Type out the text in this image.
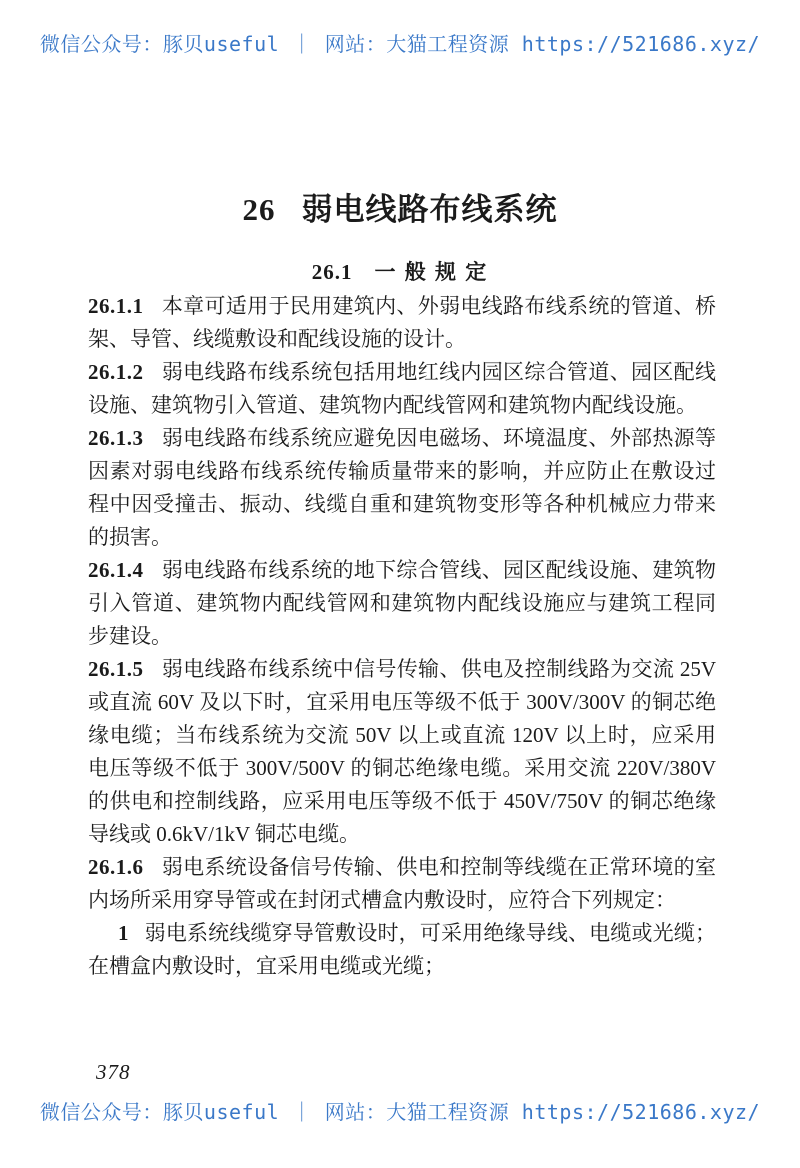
微信公众号：豚贝useful ｜ 网站：大猫工程资源 https://521686.xyz/
26 弱电线路布线系统
26.1 一 般 规 定

26.1.1 本章可适用于民用建筑内、外弱电线路布线系统的管道、桥架、导管、线缆敷设和配线设施的设计。

26.1.2 弱电线路布线系统包括用地红线内园区综合管道、园区配线设施、建筑物引入管道、建筑物内配线管网和建筑物内配线设施。

26.1.3 弱电线路布线系统应避免因电磁场、环境温度、外部热源等因素对弱电线路布线系统传输质量带来的影响，并应防止在敷设过程中因受撞击、振动、线缆自重和建筑物变形等各种机械应力带来的损害。

26.1.4 弱电线路布线系统的地下综合管线、园区配线设施、建筑物引入管道、建筑物内配线管网和建筑物内配线设施应与建筑工程同步建设。

26.1.5 弱电线路布线系统中信号传输、供电及控制线路为交流 25V 或直流 60V 及以下时，宜采用电压等级不低于 300V/300V 的铜芯绝缘电缆；当布线系统为交流 50V 以上或直流 120V 以上时，应采用电压等级不低于 300V/500V 的铜芯绝缘电缆。采用交流 220V/380V 的供电和控制线路，应采用电压等级不低于 450V/750V 的铜芯绝缘导线或 0.6kV/1kV 铜芯电缆。

26.1.6 弱电系统设备信号传输、供电和控制等线缆在正常环境的室内场所采用穿导管或在封闭式槽盒内敷设时，应符合下列规定：

1 弱电系统线缆穿导管敷设时，可采用绝缘导线、电缆或光缆；在槽盒内敷设时，宜采用电缆或光缆；

378
微信公众号：豚贝useful ｜ 网站：大猫工程资源 https://521686.xyz/
